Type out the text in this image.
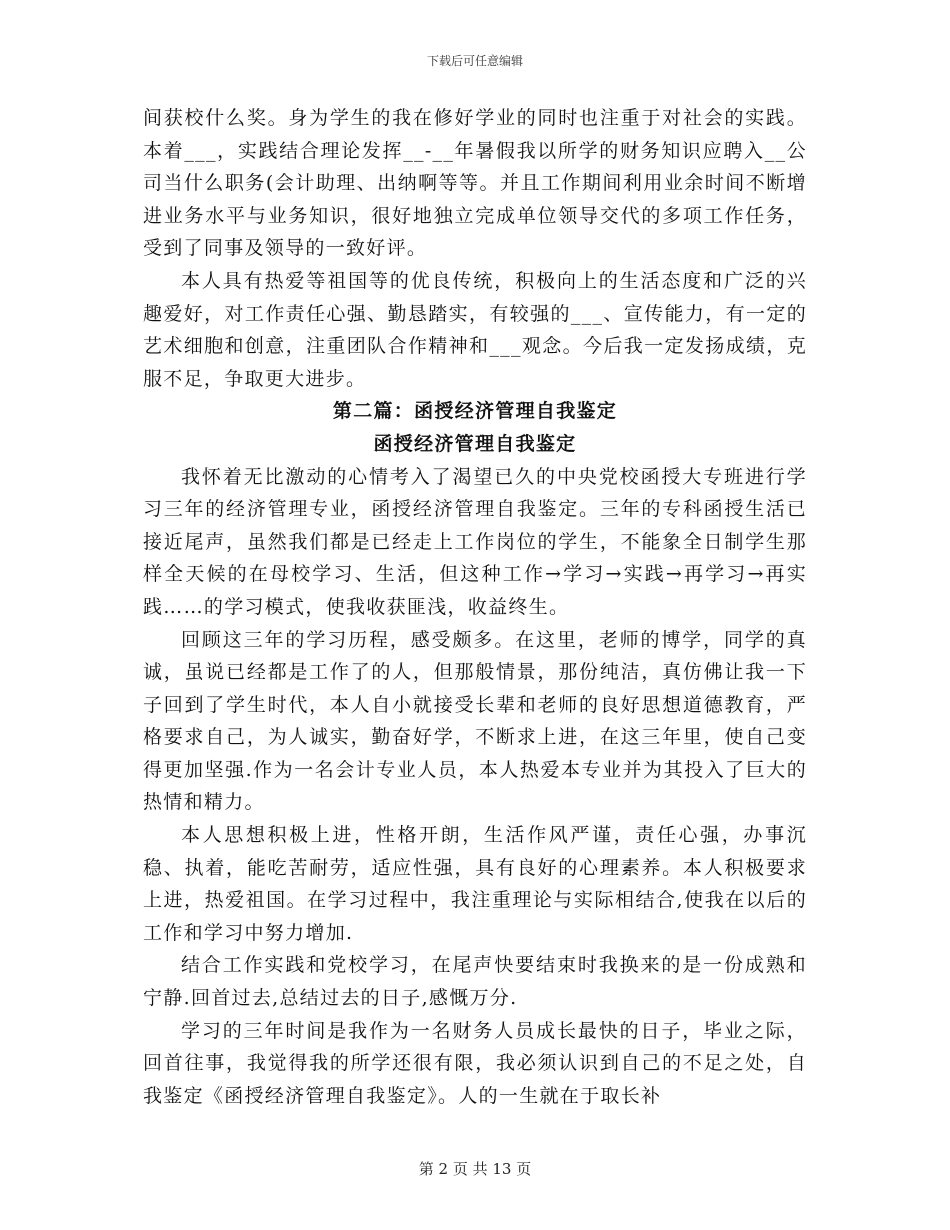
下载后可任意编辑

间获校什么奖。身为学生的我在修好学业的同时也注重于对社会的实践。本着___，实践结合理论发挥__-__年暑假我以所学的财务知识应聘入__公司当什么职务(会计助理、出纳啊等等。并且工作期间利用业余时间不断增进业务水平与业务知识，很好地独立完成单位领导交代的多项工作任务，受到了同事及领导的一致好评。

本人具有热爱等祖国等的优良传统，积极向上的生活态度和广泛的兴趣爱好，对工作责任心强、勤恳踏实，有较强的___、宣传能力，有一定的艺术细胞和创意，注重团队合作精神和___观念。今后我一定发扬成绩，克服不足，争取更大进步。

第二篇：函授经济管理自我鉴定

函授经济管理自我鉴定

我怀着无比激动的心情考入了渴望已久的中央党校函授大专班进行学习三年的经济管理专业，函授经济管理自我鉴定。三年的专科函授生活已接近尾声，虽然我们都是已经走上工作岗位的学生，不能象全日制学生那样全天候的在母校学习、生活，但这种工作→学习→实践→再学习→再实践……的学习模式，使我收获匪浅，收益终生。

回顾这三年的学习历程，感受颇多。在这里，老师的博学，同学的真诚，虽说已经都是工作了的人，但那般情景，那份纯洁，真仿佛让我一下子回到了学生时代，本人自小就接受长辈和老师的良好思想道德教育，严格要求自己，为人诚实，勤奋好学，不断求上进，在这三年里，使自己变得更加坚强.作为一名会计专业人员，本人热爱本专业并为其投入了巨大的热情和精力。

本人思想积极上进，性格开朗，生活作风严谨，责任心强，办事沉稳、执着，能吃苦耐劳，适应性强，具有良好的心理素养。本人积极要求上进，热爱祖国。在学习过程中，我注重理论与实际相结合,使我在以后的工作和学习中努力增加.

结合工作实践和党校学习，在尾声快要结束时我换来的是一份成熟和宁静.回首过去,总结过去的日子,感慨万分.

学习的三年时间是我作为一名财务人员成长最快的日子，毕业之际，回首往事，我觉得我的所学还很有限，我必须认识到自己的不足之处，自我鉴定《函授经济管理自我鉴定》。人的一生就在于取长补

第 2 页 共 13 页
